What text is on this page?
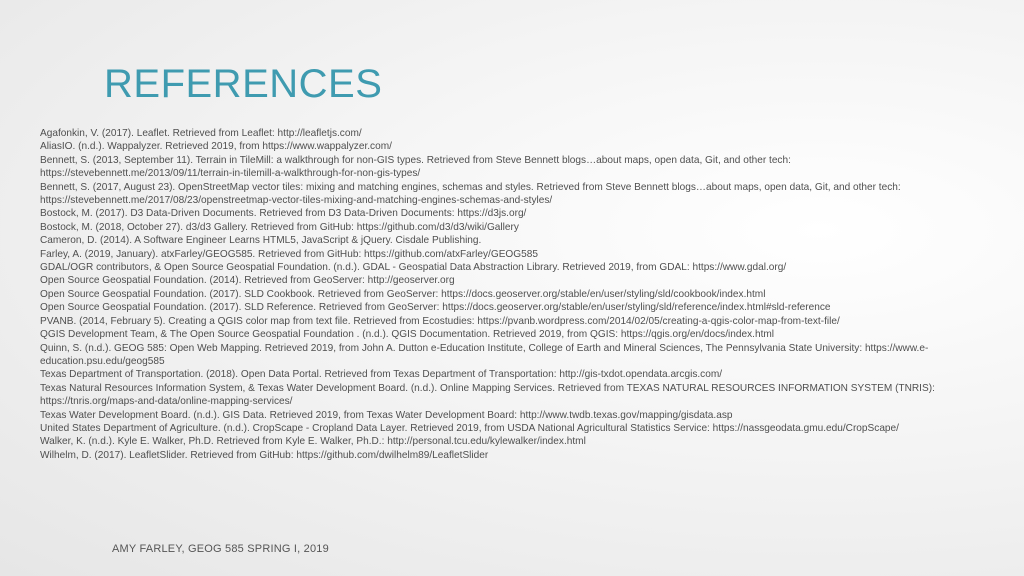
REFERENCES
Agafonkin, V. (2017). Leaflet. Retrieved from Leaflet: http://leafletjs.com/
AliasIO. (n.d.). Wappalyzer. Retrieved 2019, from https://www.wappalyzer.com/
Bennett, S. (2013, September 11). Terrain in TileMill: a walkthrough for non-GIS types. Retrieved from Steve Bennett blogs…about maps, open data, Git, and other tech: https://stevebennett.me/2013/09/11/terrain-in-tilemill-a-walkthrough-for-non-gis-types/
Bennett, S. (2017, August 23). OpenStreetMap vector tiles: mixing and matching engines, schemas and styles. Retrieved from Steve Bennett blogs…about maps, open data, Git, and other tech: https://stevebennett.me/2017/08/23/openstreetmap-vector-tiles-mixing-and-matching-engines-schemas-and-styles/
Bostock, M. (2017). D3 Data-Driven Documents. Retrieved from D3 Data-Driven Documents: https://d3js.org/
Bostock, M. (2018, October 27). d3/d3 Gallery. Retrieved from GitHub: https://github.com/d3/d3/wiki/Gallery
Cameron, D. (2014). A Software Engineer Learns HTML5, JavaScript & jQuery. Cisdale Publishing.
Farley, A. (2019, January). atxFarley/GEOG585. Retrieved from GitHub: https://github.com/atxFarley/GEOG585
GDAL/OGR contributors, & Open Source Geospatial Foundation. (n.d.). GDAL - Geospatial Data Abstraction Library. Retrieved 2019, from GDAL: https://www.gdal.org/
Open Source Geospatial Foundation. (2014). Retrieved from GeoServer: http://geoserver.org
Open Source Geospatial Foundation. (2017). SLD Cookbook. Retrieved from GeoServer: https://docs.geoserver.org/stable/en/user/styling/sld/cookbook/index.html
Open Source Geospatial Foundation. (2017). SLD Reference. Retrieved from GeoServer: https://docs.geoserver.org/stable/en/user/styling/sld/reference/index.html#sld-reference
PVANB. (2014, February 5). Creating a QGIS color map from text file. Retrieved from Ecostudies: https://pvanb.wordpress.com/2014/02/05/creating-a-qgis-color-map-from-text-file/
QGIS Development Team, & The Open Source Geospatial Foundation . (n.d.). QGIS Documentation. Retrieved 2019, from QGIS: https://qgis.org/en/docs/index.html
Quinn, S. (n.d.). GEOG 585: Open Web Mapping. Retrieved 2019, from John A. Dutton e-Education Institute, College of Earth and Mineral Sciences, The Pennsylvania State University: https://www.e-education.psu.edu/geog585
Texas Department of Transportation. (2018). Open Data Portal. Retrieved from Texas Department of Transportation: http://gis-txdot.opendata.arcgis.com/
Texas Natural Resources Information System, & Texas Water Development Board. (n.d.). Online Mapping Services. Retrieved from TEXAS NATURAL RESOURCES INFORMATION SYSTEM (TNRIS): https://tnris.org/maps-and-data/online-mapping-services/
Texas Water Development Board. (n.d.). GIS Data. Retrieved 2019, from Texas Water Development Board: http://www.twdb.texas.gov/mapping/gisdata.asp
United States Department of Agriculture. (n.d.). CropScape - Cropland Data Layer. Retrieved 2019, from USDA National Agricultural Statistics Service: https://nassgeodata.gmu.edu/CropScape/
Walker, K. (n.d.). Kyle E. Walker, Ph.D. Retrieved from Kyle E. Walker, Ph.D.: http://personal.tcu.edu/kylewalker/index.html
Wilhelm, D. (2017). LeafletSlider. Retrieved from GitHub: https://github.com/dwilhelm89/LeafletSlider
AMY FARLEY, GEOG 585 SPRING I, 2019
